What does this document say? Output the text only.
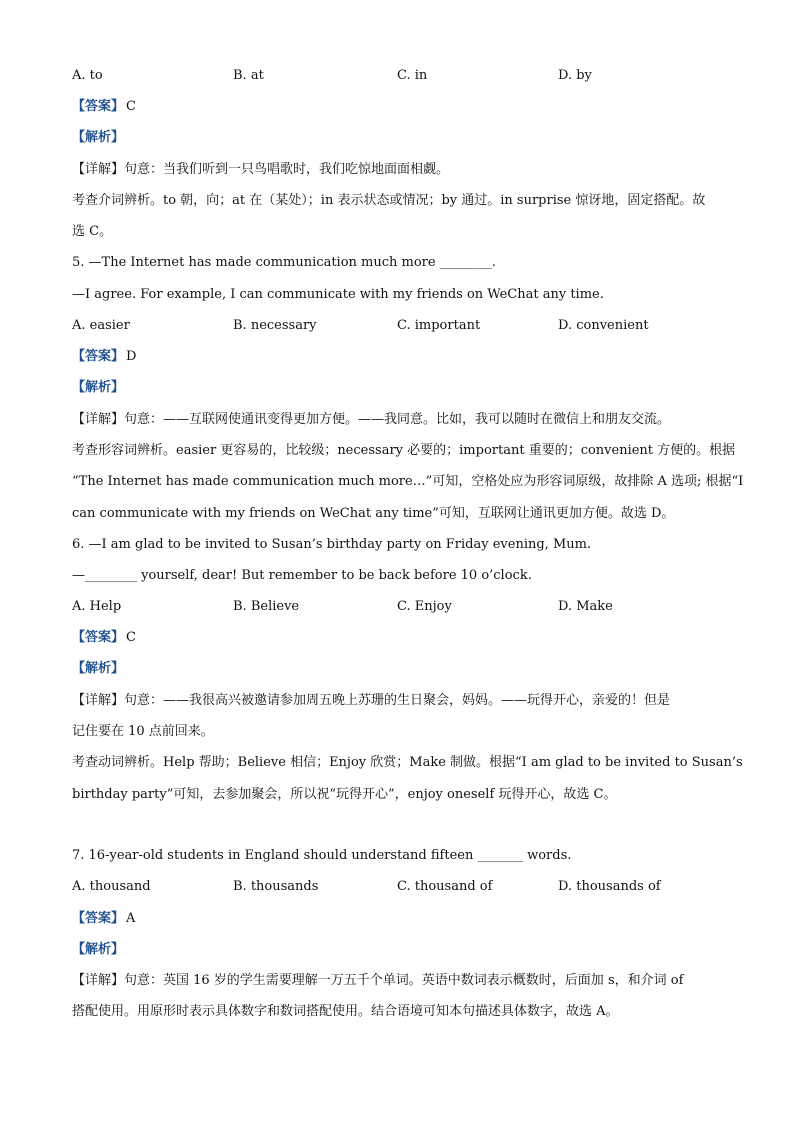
A. to	B. at	C. in	D. by
【答案】 C
【解析】
【详解】句意：当我们听到一只鸟唱歌时，我们吃惊地面面相觑。
考查介词辨析。to 朝，向；at 在（某处）；in 表示状态或情况；by 通过。in surprise 惊讶地，固定搭配。故
选 C。
5. —The Internet has made communication much more ________.
—I agree. For example, I can communicate with my friends on WeChat any time.
A. easier	B. necessary	C. important	D. convenient
【答案】 D
【解析】
【详解】句意：——互联网使通讯变得更加方便。——我同意。比如，我可以随时在微信上和朋友交流。
考查形容词辨析。easier 更容易的，比较级；necessary 必要的；important 重要的；convenient 方便的。根据
“The Internet has made communication much more…”可知，空格处应为形容词原级，故排除 A 选项; 根据“I
can communicate with my friends on WeChat any time”可知，互联网让通讯更加方便。故选 D。
6. —I am glad to be invited to Susan’s birthday party on Friday evening, Mum.
—________ yourself, dear! But remember to be back before 10 o’clock.
A. Help	B. Believe	C. Enjoy	D. Make
【答案】 C
【解析】
【详解】句意：——我很高兴被邀请参加周五晚上苏珊的生日聚会，妈妈。——玩得开心，亲爱的！但是
记住要在 10 点前回来。
考查动词辨析。Help 帮助；Believe 相信；Enjoy 欣赏；Make 制做。根据“I am glad to be invited to Susan’s
birthday party”可知，去参加聚会，所以祝“玩得开心”，enjoy oneself 玩得开心，故选 C。
7. 16-year-old students in England should understand fifteen _______ words.
A. thousand	B. thousands	C. thousand of	D. thousands of
【答案】 A
【解析】
【详解】句意：英国 16 岁的学生需要理解一万五千个单词。英语中数词表示概数时，后面加 s，和介词 of
搭配使用。用原形时表示具体数字和数词搭配使用。结合语境可知本句描述具体数字，故选 A。
